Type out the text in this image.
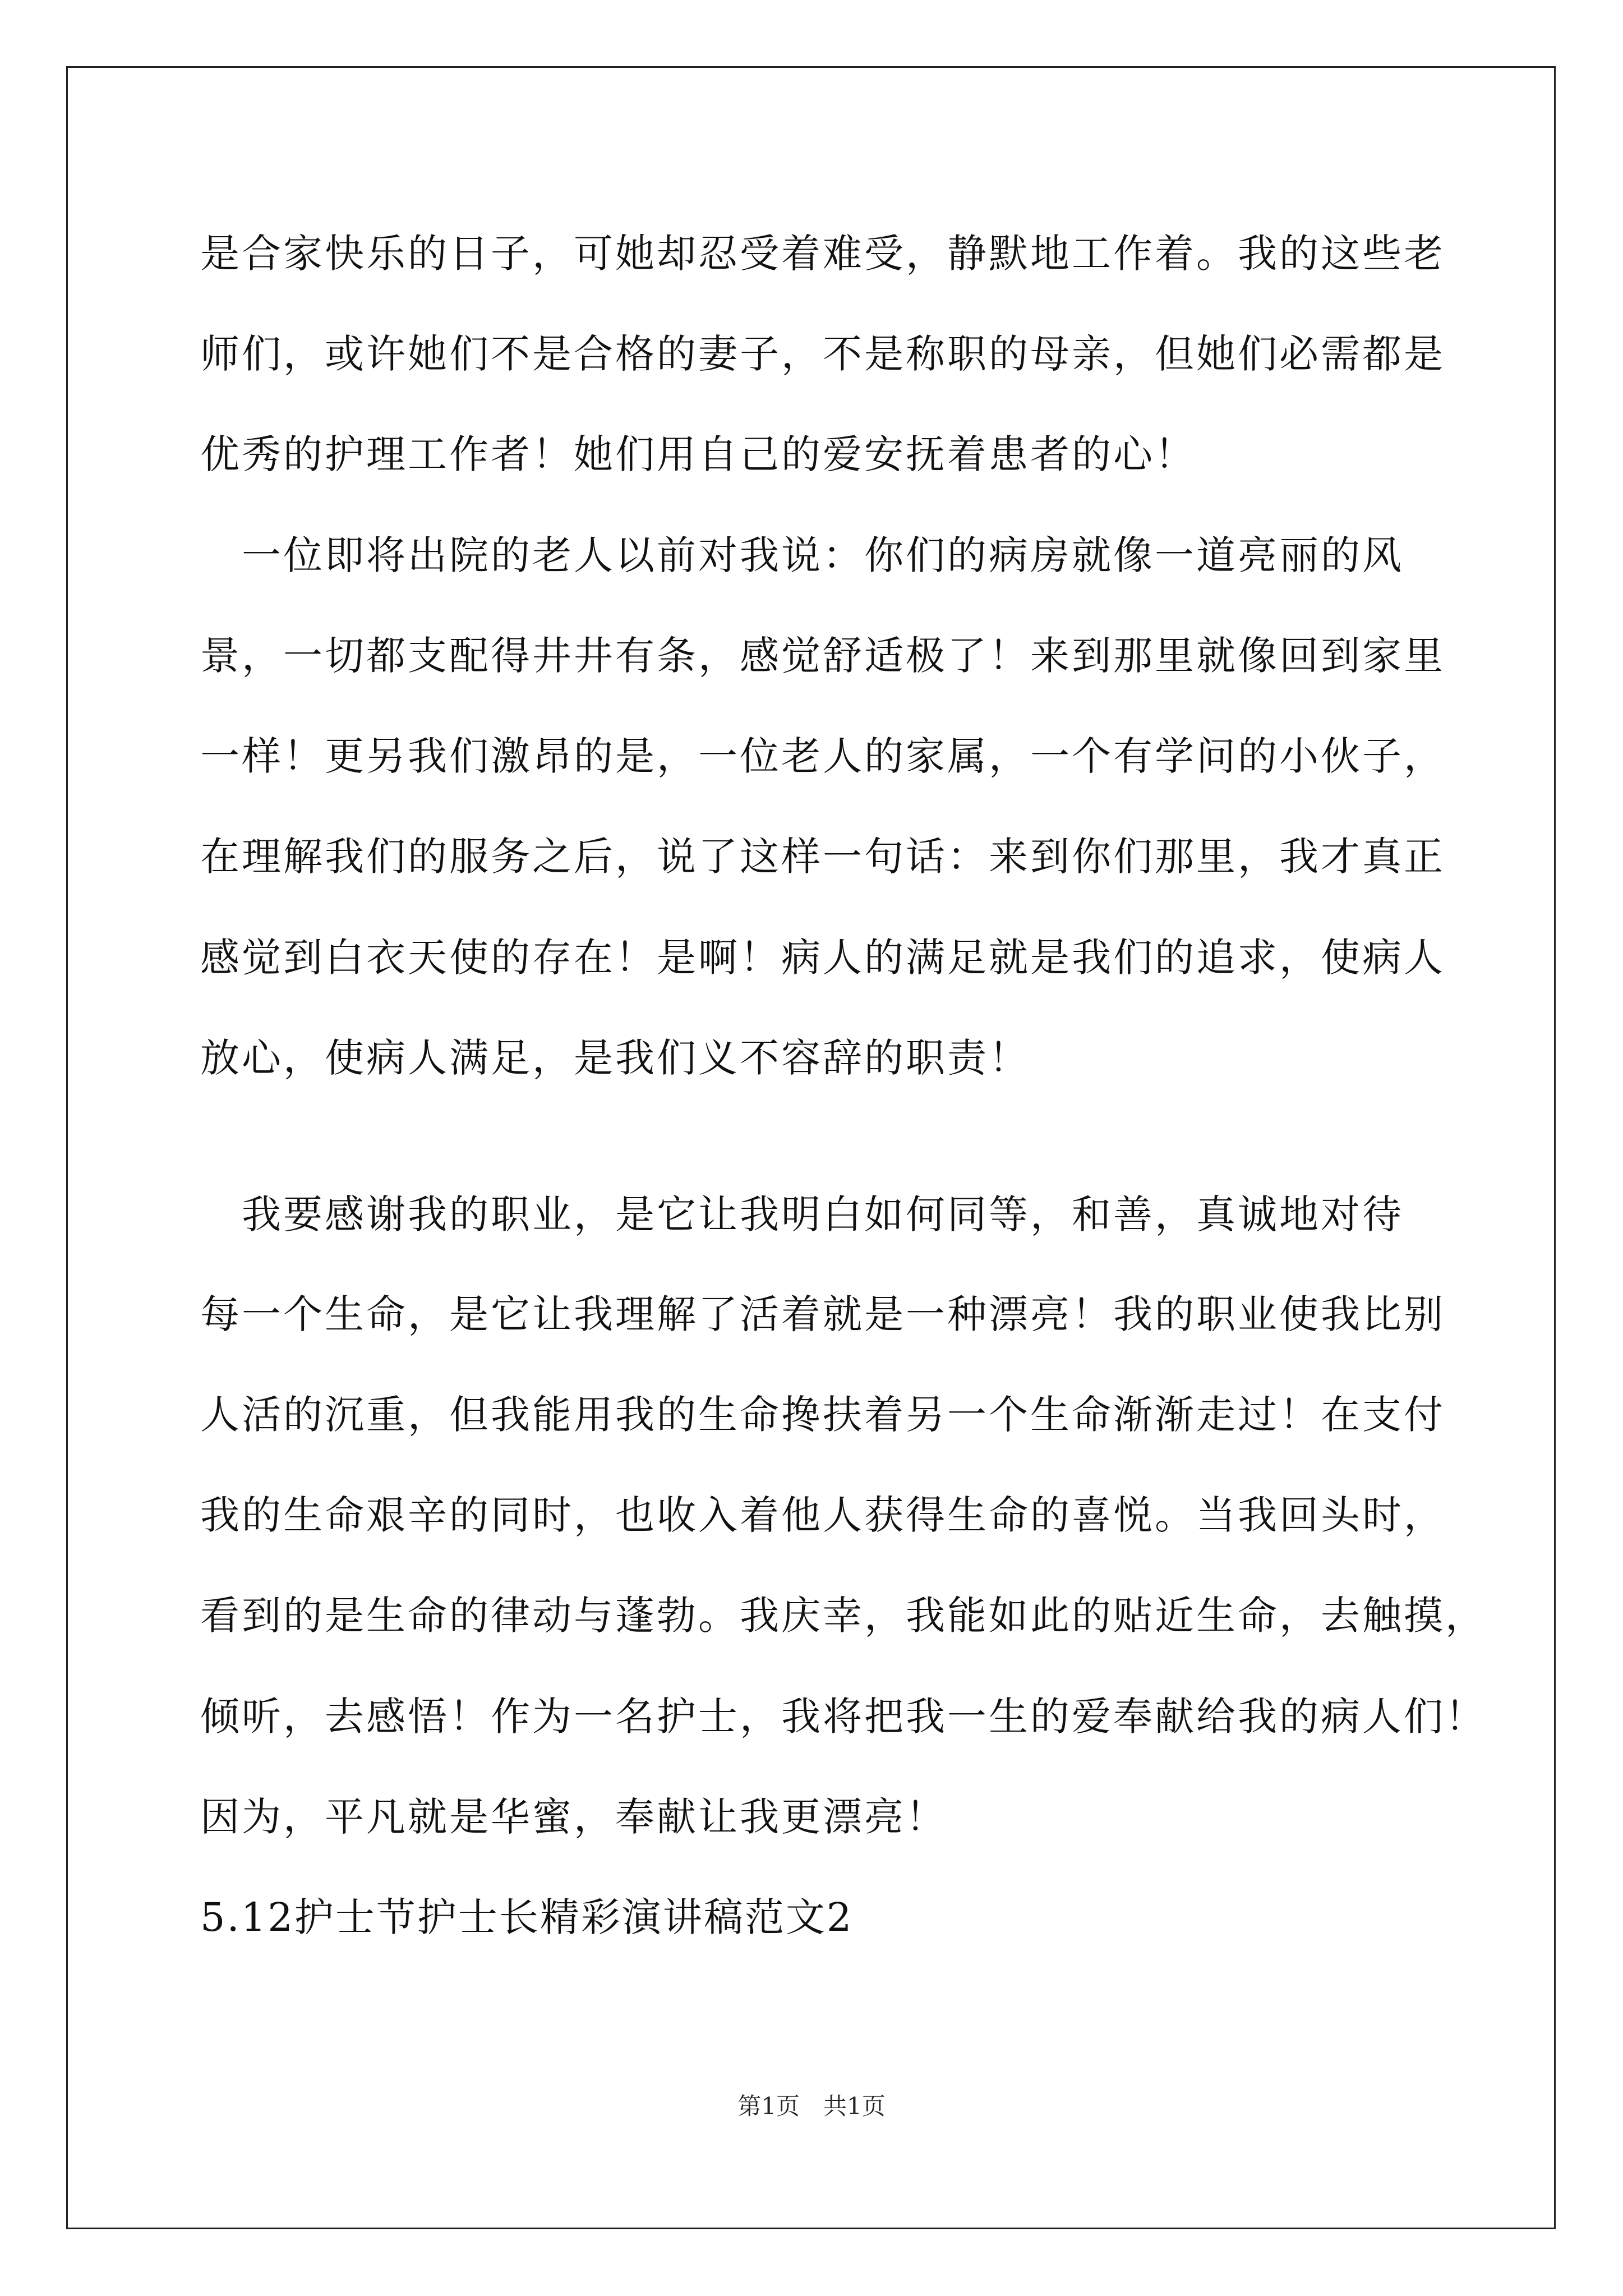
是合家快乐的日子，可她却忍受着难受，静默地工作着。我的这些老
师们，或许她们不是合格的妻子，不是称职的母亲，但她们必需都是
优秀的护理工作者！她们用自己的爱安抚着患者的心！
　一位即将出院的老人以前对我说：你们的病房就像一道亮丽的风
景，一切都支配得井井有条，感觉舒适极了！来到那里就像回到家里
一样！更另我们激昂的是，一位老人的家属，一个有学问的小伙子，
在理解我们的服务之后，说了这样一句话：来到你们那里，我才真正
感觉到白衣天使的存在！是啊！病人的满足就是我们的追求，使病人
放心，使病人满足，是我们义不容辞的职责！
　我要感谢我的职业，是它让我明白如何同等，和善，真诚地对待
每一个生命，是它让我理解了活着就是一种漂亮！我的职业使我比别
人活的沉重，但我能用我的生命搀扶着另一个生命渐渐走过！在支付
我的生命艰辛的同时，也收入着他人获得生命的喜悦。当我回头时，
看到的是生命的律动与蓬勃。我庆幸，我能如此的贴近生命，去触摸，
倾听，去感悟！作为一名护士，我将把我一生的爱奉献给我的病人们！
因为，平凡就是华蜜，奉献让我更漂亮！
5.12护士节护士长精彩演讲稿范文2
第1页　共1页
